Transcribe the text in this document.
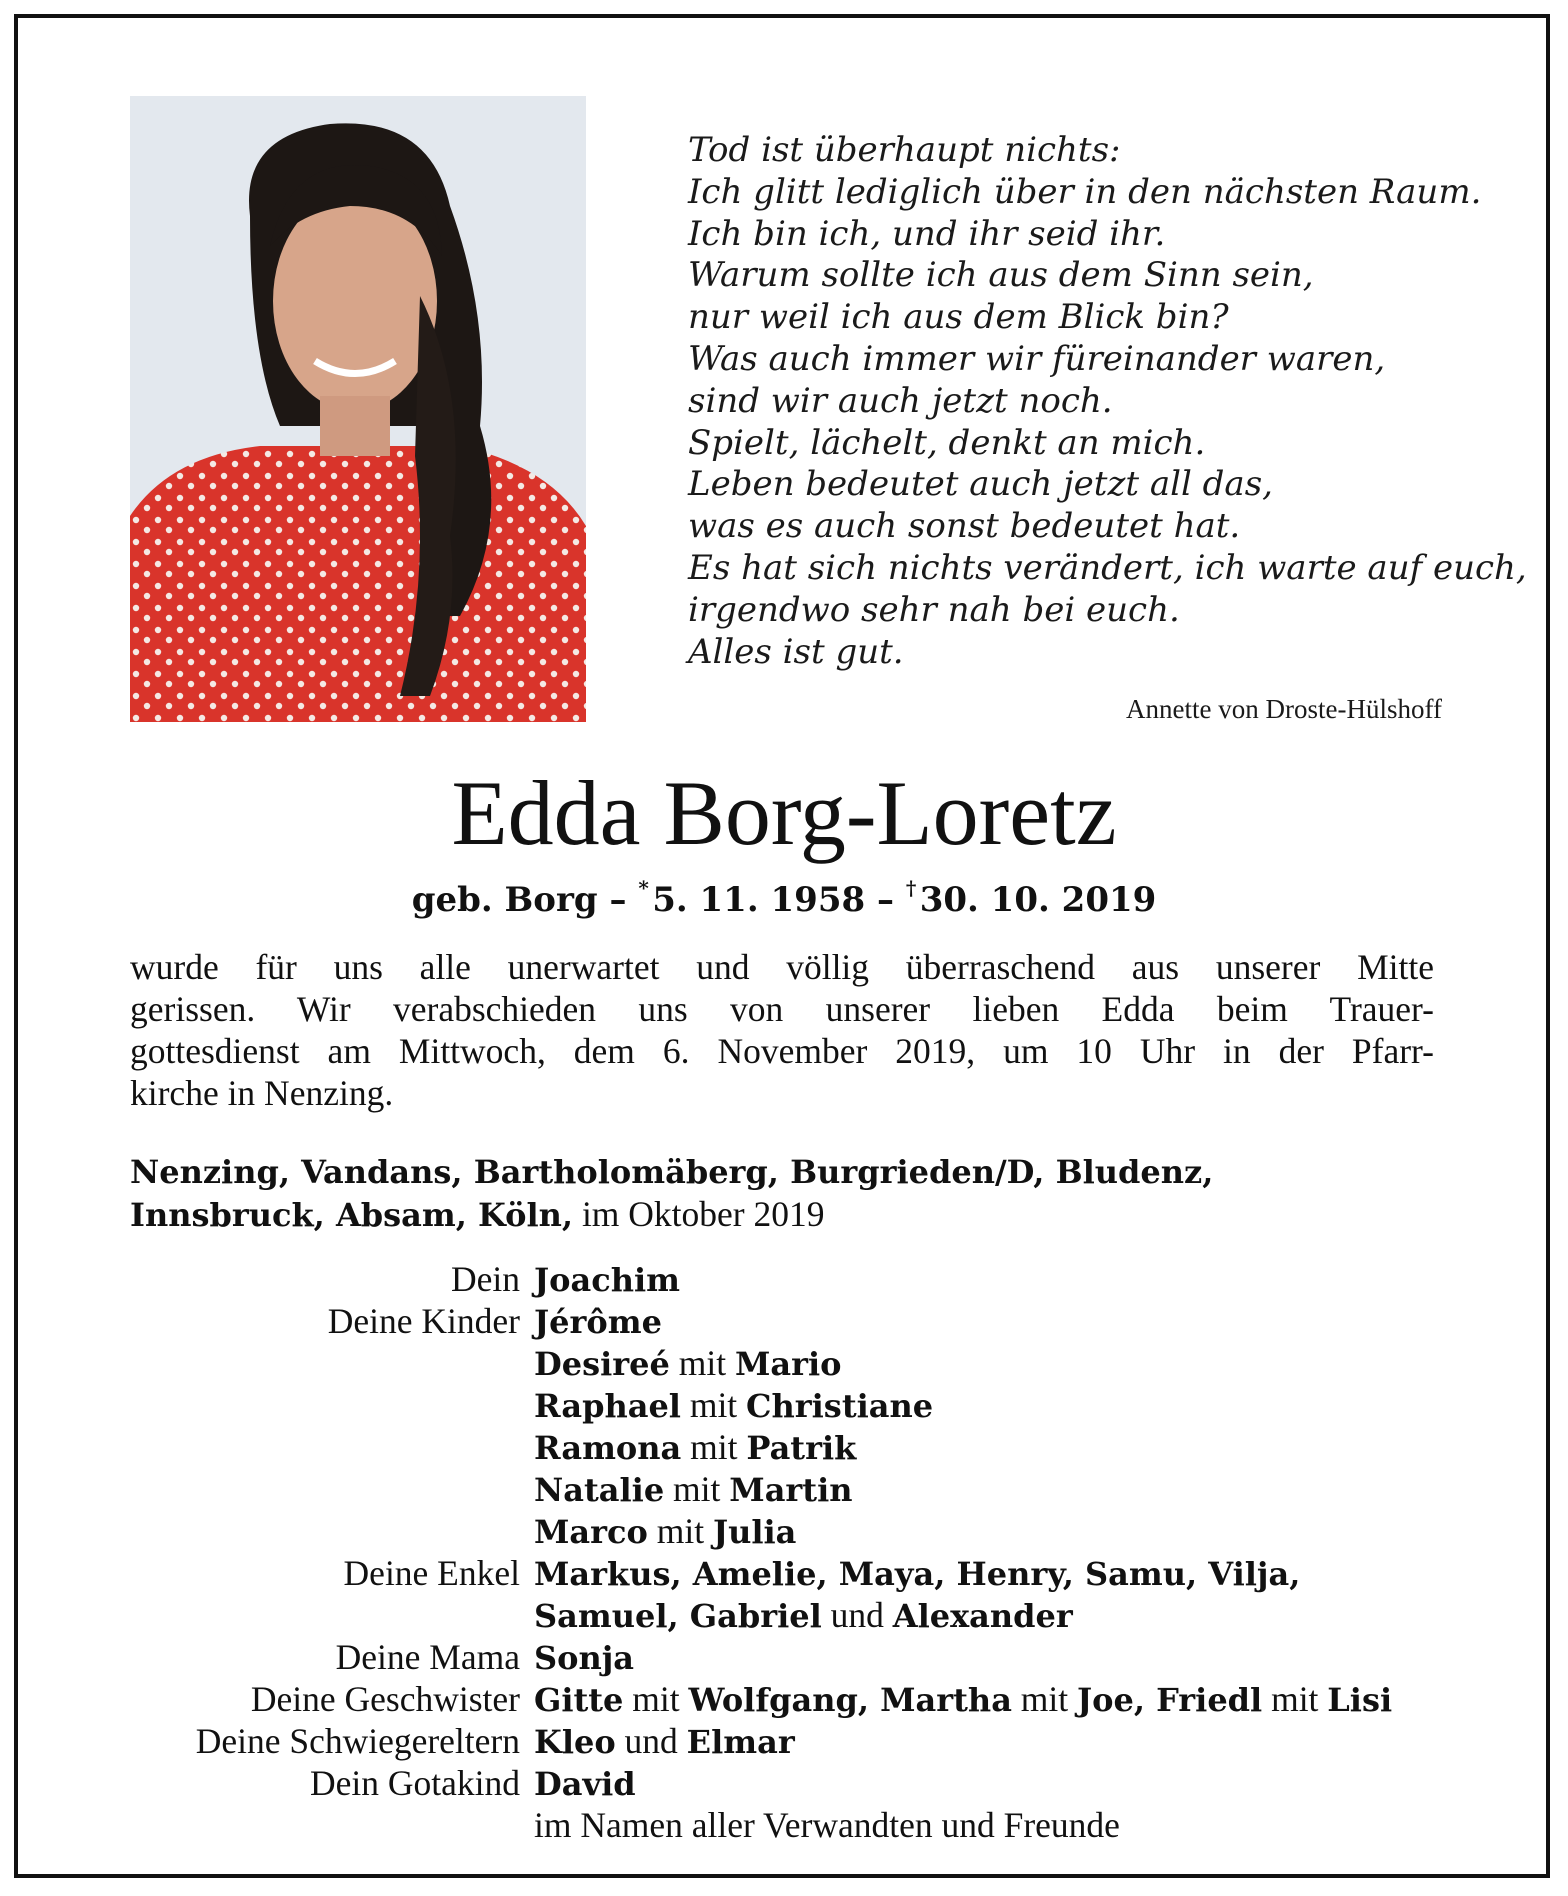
Tod ist überhaupt nichts:
Ich glitt lediglich über in den nächsten Raum.
Ich bin ich, und ihr seid ihr.
Warum sollte ich aus dem Sinn sein,
nur weil ich aus dem Blick bin?
Was auch immer wir füreinander waren,
sind wir auch jetzt noch.
Spielt, lächelt, denkt an mich.
Leben bedeutet auch jetzt all das,
was es auch sonst bedeutet hat.
Es hat sich nichts verändert, ich warte auf euch,
irgendwo sehr nah bei euch.
Alles ist gut.
Annette von Droste-Hülshoff
Edda Borg-Loretz
geb. Borg – * 5. 11. 1958 – † 30. 10. 2019
wurde für uns alle unerwartet und völlig überraschend aus unserer Mitte
gerissen. Wir verabschieden uns von unserer lieben Edda beim Trauer-
gottesdienst am Mittwoch, dem 6. November 2019, um 10 Uhr in der Pfarr-
kirche in Nenzing.
Nenzing, Vandans, Bartholomäberg, Burgrieden/D, Bludenz,
Innsbruck, Absam, Köln, im Oktober 2019
Dein Joachim
Deine Kinder Jérôme
Desireé mit Mario
Raphael mit Christiane
Ramona mit Patrik
Natalie mit Martin
Marco mit Julia
Deine Enkel Markus, Amelie, Maya, Henry, Samu, Vilja,
Samuel, Gabriel und Alexander
Deine Mama Sonja
Deine Geschwister Gitte mit Wolfgang, Martha mit Joe, Friedl mit Lisi
Deine Schwiegereltern Kleo und Elmar
Dein Gotakind David
im Namen aller Verwandten und Freunde
